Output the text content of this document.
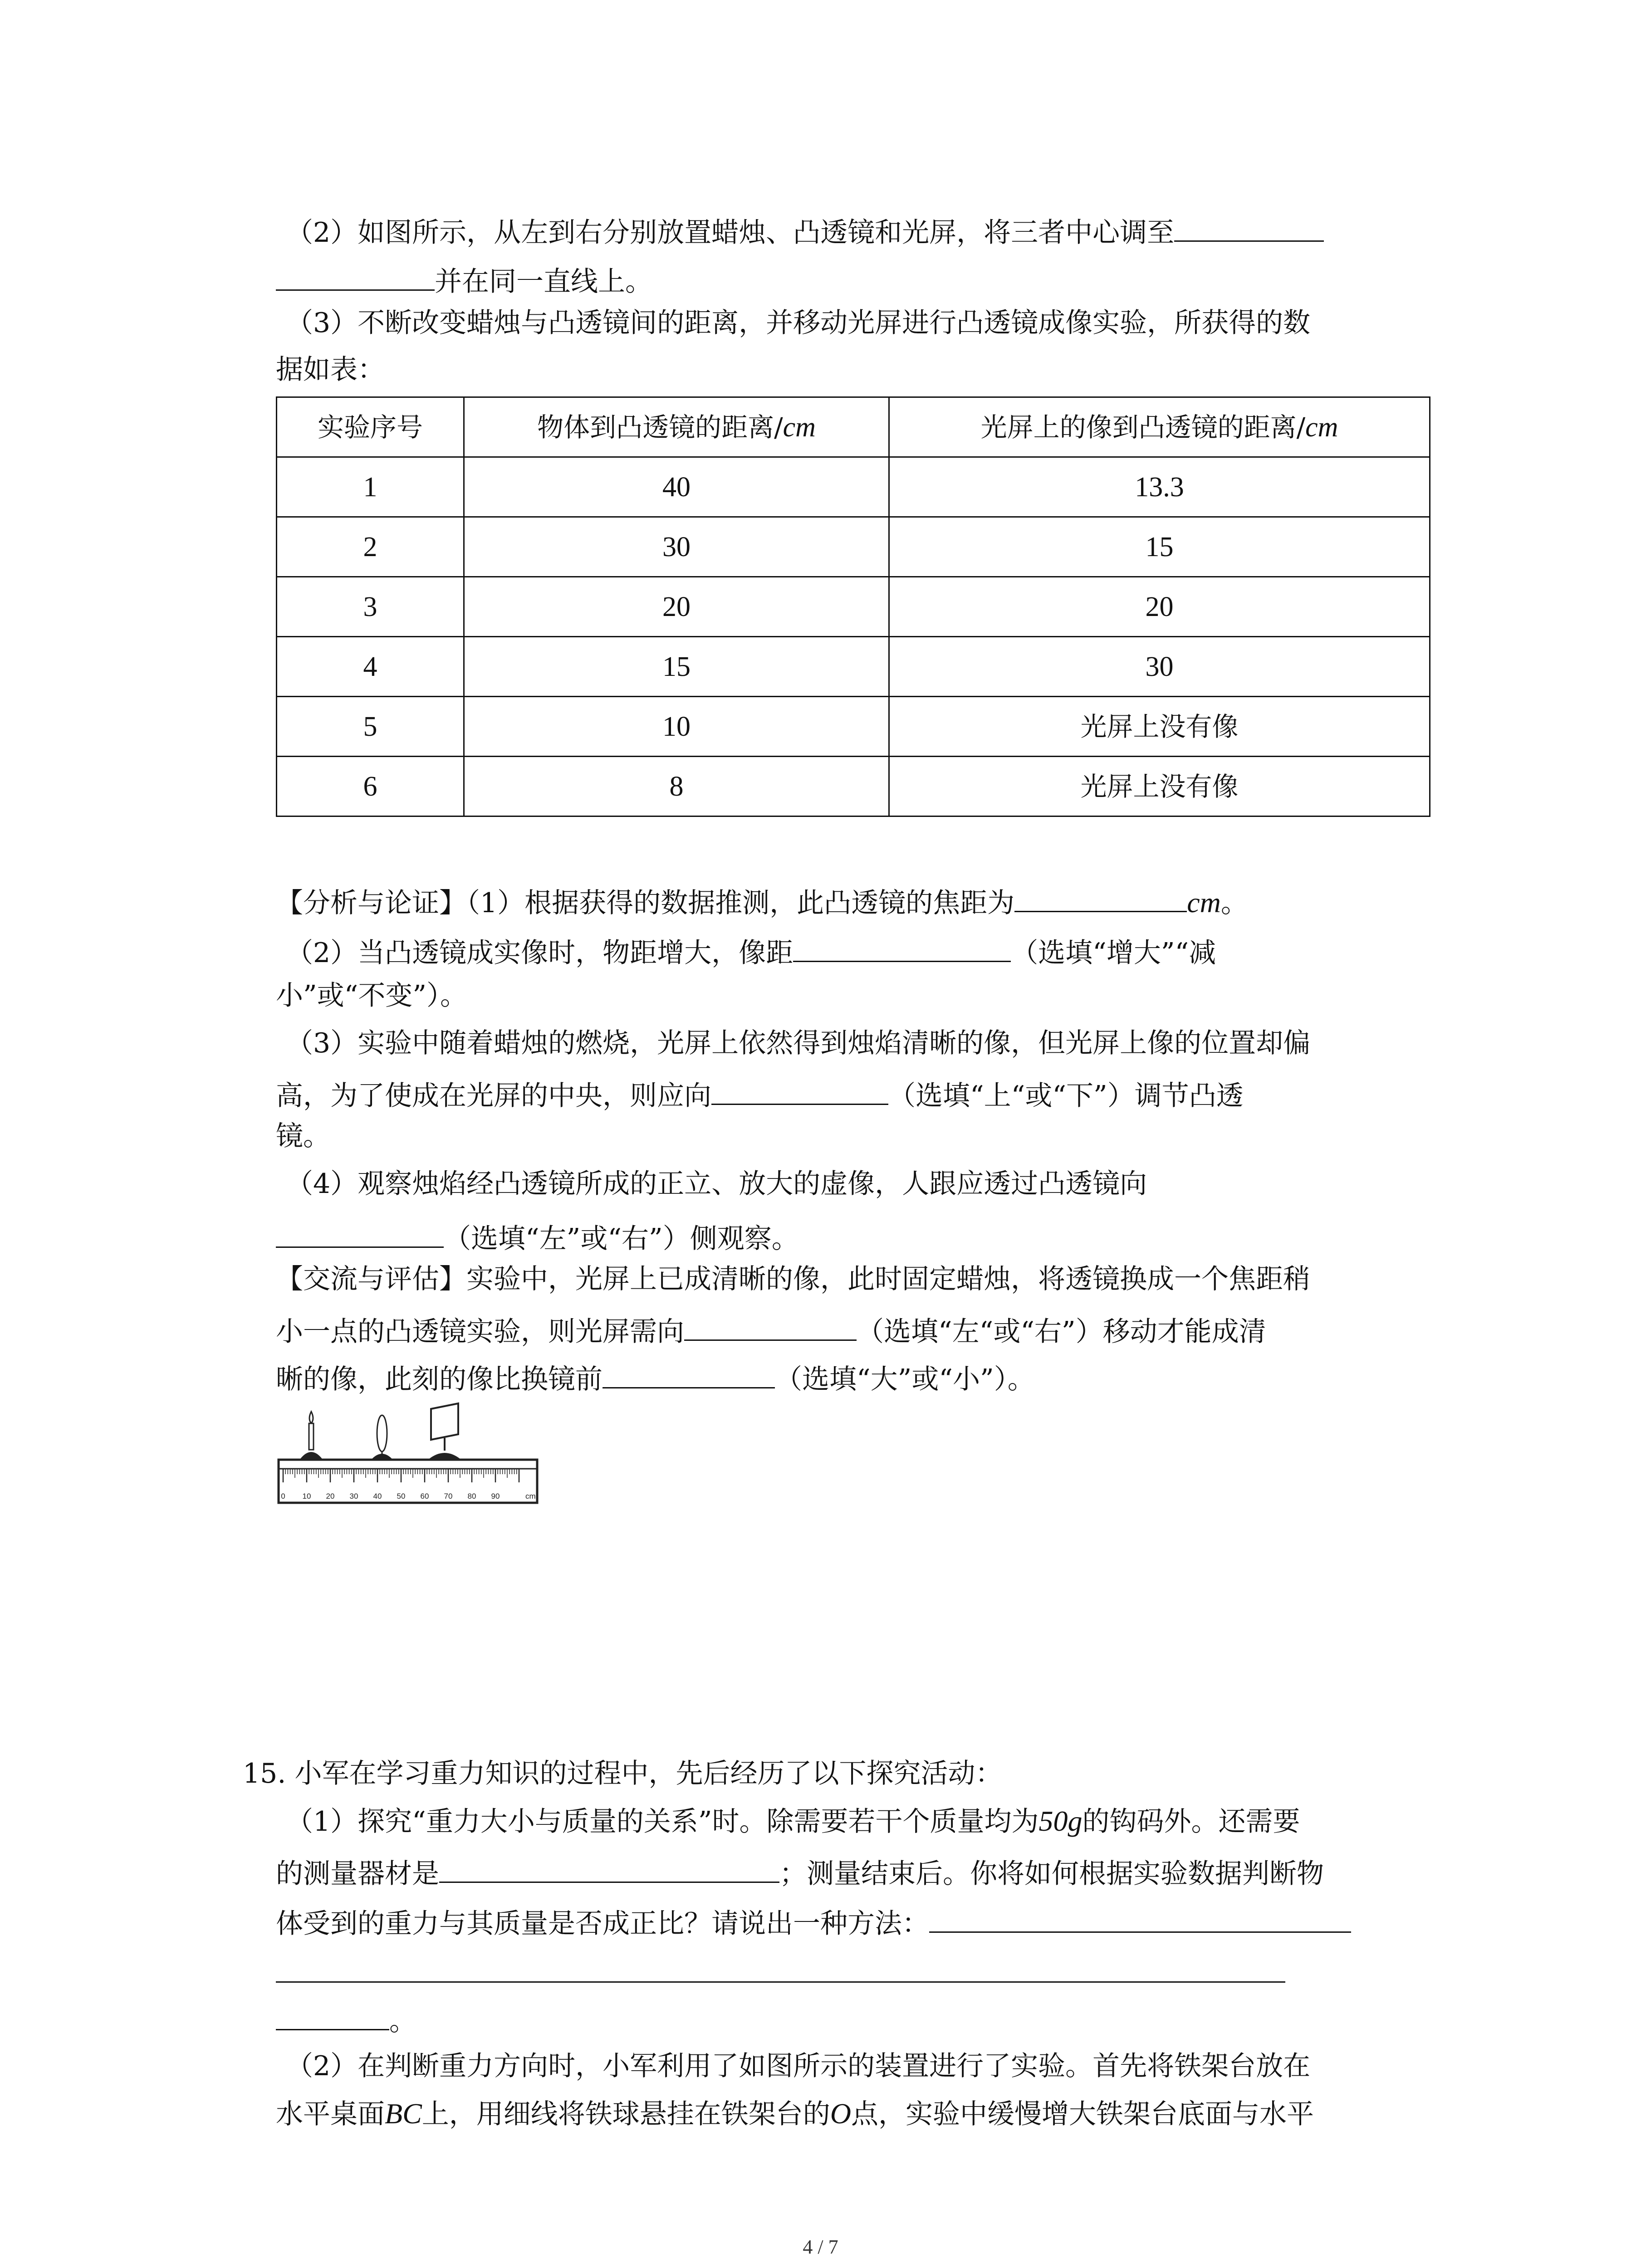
（2）如图所示，从左到右分别放置蜡烛、凸透镜和光屏，将三者中心调至
并在同一直线上。
（3）不断改变蜡烛与凸透镜间的距离，并移动光屏进行凸透镜成像实验，所获得的数
据如表：
实验序号	物体到凸透镜的距离/cm	光屏上的像到凸透镜的距离/cm
1	40	13.3
2	30	15
3	20	20
4	15	30
5	10	光屏上没有像
6	8	光屏上没有像
【分析与论证】（1）根据获得的数据推测，此凸透镜的焦距为	cm。
（2）当凸透镜成实像时，物距增大，像距	（选填“增大”“减
小”或“不变”）。
（3）实验中随着蜡烛的燃烧，光屏上依然得到烛焰清晰的像，但光屏上像的位置却偏
高，为了使成在光屏的中央，则应向	（选填“上“或“下”）调节凸透
镜。
（4）观察烛焰经凸透镜所成的正立、放大的虚像，人跟应透过凸透镜向
（选填“左”或“右”）侧观察。
【交流与评估】实验中，光屏上已成清晰的像，此时固定蜡烛，将透镜换成一个焦距稍
小一点的凸透镜实验，则光屏需向	（选填“左“或“右”）移动才能成清
晰的像，此刻的像比换镜前	（选填“大”或“小”）。
0 10 20 30 40 50 60 70 80 90	cm
15. 小军在学习重力知识的过程中，先后经历了以下探究活动：
（1）探究“重力大小与质量的关系”时。除需要若干个质量均为50g的钩码外。还需要
的测量器材是	；测量结束后。你将如何根据实验数据判断物
体受到的重力与其质量是否成正比？请说出一种方法：
。
（2）在判断重力方向时，小军利用了如图所示的装置进行了实验。首先将铁架台放在
水平桌面BC上，用细线将铁球悬挂在铁架台的O点，实验中缓慢增大铁架台底面与水平
4 / 7
